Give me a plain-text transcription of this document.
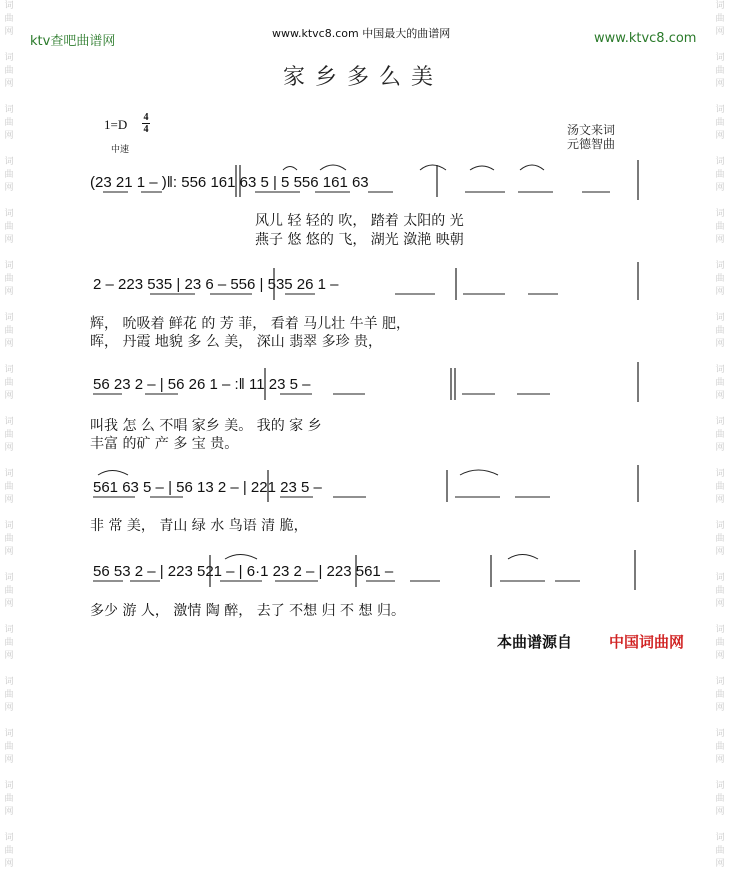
词
曲
网

词
曲
网

词
曲
网

词
曲
网

词
曲
网

词
曲
网

词
曲
网

词
曲
网

词
曲
网

词
曲
网

词
曲
网

词
曲
网

词
曲
网

词
曲
网

词
曲
网

词
曲
网

词
曲
网

词
曲
网

词
曲
网

词
曲
网

词
曲
网

词
曲
网

词
曲
网

词
曲
网

词
曲
网

词
曲
网

词
曲
网

词
曲
网

词
曲
网

词
曲
网

词
曲
网

词
曲
网

词
曲
网

词
曲
网

ktv查吧曲谱网
www.ktvc8.com 中国最大的曲谱网	www.ktvc8.com
家乡多么美
1=D 4
4
中速
汤文来词
元德智曲
(23 21 1 – )‖: 556 161 63 5 | 5 556 161 63
风儿 轻 轻的 吹， 踏着 太阳的 光
燕子 悠 悠的 飞， 湖光 潋滟 映朝
2 – 223 535 | 23 6 – 556 | 535 26 1 –
辉， 吮吸着 鲜花 的 芳 菲， 看着 马儿壮 牛羊 肥，
晖， 丹霞 地貌 多 么 美， 深山 翡翠 多珍 贵，
56 23 2 – | 56 26 1 – :‖ 11 23 5 –
叫我 怎 么 不唱 家乡 美。 我的 家 乡
丰富 的矿 产 多 宝 贵。
561 63 5 – | 56 13 2 – | 221 23 5 –
非 常 美， 青山 绿 水 鸟语 清 脆，
56 53 2 – | 223 521 – | 6·1 23 2 – | 223 561 –
多少 游 人， 激情 陶 醉， 去了 不想 归 不 想 归。
本曲谱源自 中国词曲网
